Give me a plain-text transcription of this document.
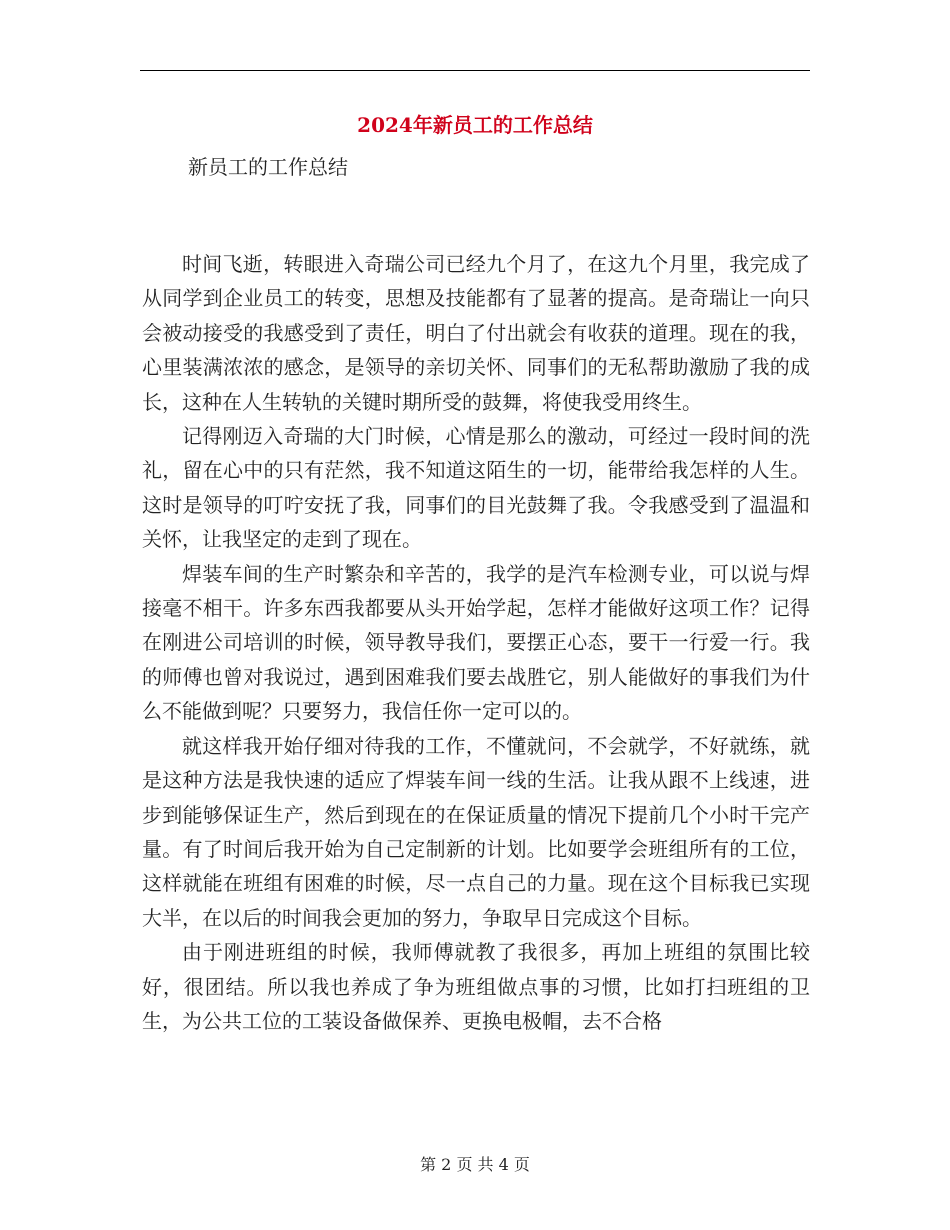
2024年新员工的工作总结
新员工的工作总结

时间飞逝，转眼进入奇瑞公司已经九个月了，在这九个月里，我完成了从同学到企业员工的转变，思想及技能都有了显著的提高。是奇瑞让一向只会被动接受的我感受到了责任，明白了付出就会有收获的道理。现在的我，心里装满浓浓的感念，是领导的亲切关怀、同事们的无私帮助激励了我的成长，这种在人生转轨的关键时期所受的鼓舞，将使我受用终生。

记得刚迈入奇瑞的大门时候，心情是那么的激动，可经过一段时间的洗礼，留在心中的只有茫然，我不知道这陌生的一切，能带给我怎样的人生。这时是领导的叮咛安抚了我，同事们的目光鼓舞了我。令我感受到了温温和关怀，让我坚定的走到了现在。

焊装车间的生产时繁杂和辛苦的，我学的是汽车检测专业，可以说与焊接毫不相干。许多东西我都要从头开始学起，怎样才能做好这项工作？记得在刚进公司培训的时候，领导教导我们，要摆正心态，要干一行爱一行。我的师傅也曾对我说过，遇到困难我们要去战胜它，别人能做好的事我们为什么不能做到呢？只要努力，我信任你一定可以的。

就这样我开始仔细对待我的工作，不懂就问，不会就学，不好就练，就是这种方法是我快速的适应了焊装车间一线的生活。让我从跟不上线速，进步到能够保证生产，然后到现在的在保证质量的情况下提前几个小时干完产量。有了时间后我开始为自己定制新的计划。比如要学会班组所有的工位，这样就能在班组有困难的时候，尽一点自己的力量。现在这个目标我已实现大半，在以后的时间我会更加的努力，争取早日完成这个目标。

由于刚进班组的时候，我师傅就教了我很多，再加上班组的氛围比较好，很团结。所以我也养成了争为班组做点事的习惯，比如打扫班组的卫生，为公共工位的工装设备做保养、更换电极帽，去不合格

第 2 页 共 4 页
